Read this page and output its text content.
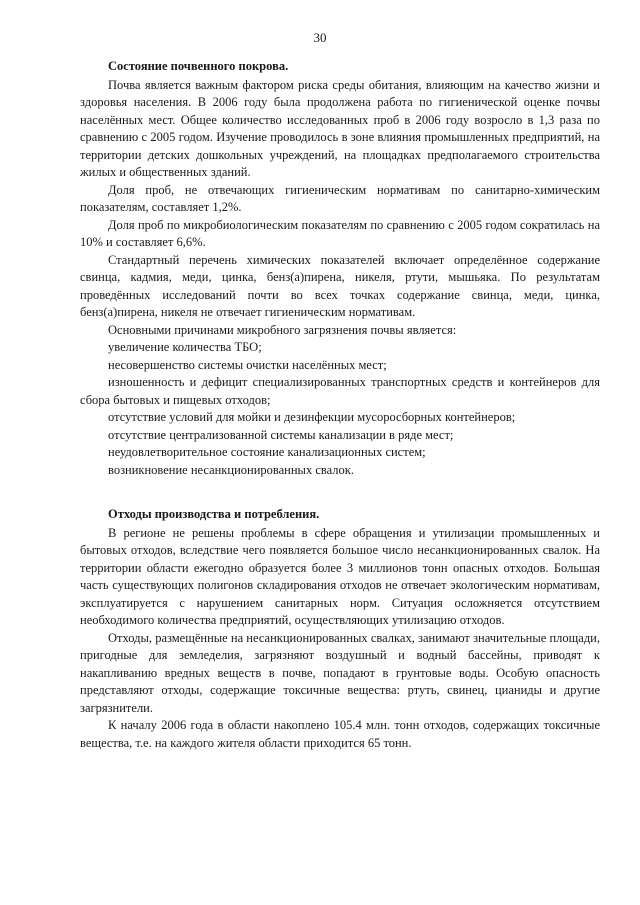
30
Состояние почвенного покрова.

Почва является важным фактором риска среды обитания, влияющим на качество жизни и здоровья населения. В 2006 году была продолжена работа по гигиенической оценке почвы населённых мест. Общее количество исследованных проб в 2006 году возросло в 1,3 раза по сравнению с 2005 годом. Изучение проводилось в зоне влияния промышленных предприятий, на территории детских дошкольных учреждений, на площадках предполагаемого строительства жилых и общественных зданий.

Доля проб, не отвечающих гигиеническим нормативам по санитарно-химическим показателям, составляет 1,2%.

Доля проб по микробиологическим показателям по сравнению с 2005 годом сократилась на 10% и составляет 6,6%.

Стандартный перечень химических показателей включает определённое содержание свинца, кадмия, меди, цинка, бенз(а)пирена, никеля, ртути, мышьяка. По результатам проведённых исследований почти во всех точках содержание свинца, меди, цинка, бенз(а)пирена, никеля не отвечает гигиеническим нормативам.

Основными причинами микробного загрязнения почвы является:

увеличение количества ТБО;

несовершенство системы очистки населённых мест;

изношенность и дефицит специализированных транспортных средств и контейнеров для сбора бытовых и пищевых отходов;

отсутствие условий для мойки и дезинфекции мусоросборных контейнеров;

отсутствие централизованной системы канализации в ряде мест;

неудовлетворительное состояние канализационных систем;

возникновение несанкционированных свалок.

Отходы производства и потребления.

В регионе не решены проблемы в сфере обращения и утилизации промышленных и бытовых отходов, вследствие чего появляется большое число несанкционированных свалок. На территории области ежегодно образуется более 3 миллионов тонн опасных отходов. Большая часть существующих полигонов складирования отходов не отвечает экологическим нормативам, эксплуатируется с нарушением санитарных норм. Ситуация осложняется отсутствием необходимого количества предприятий, осуществляющих утилизацию отходов.

Отходы, размещённые на несанкционированных свалках, занимают значительные площади, пригодные для земледелия, загрязняют воздушный и водный бассейны, приводят к накапливанию вредных веществ в почве, попадают в грунтовые воды. Особую опасность представляют отходы, содержащие токсичные вещества: ртуть, свинец, цианиды и другие загрязнители.

К началу 2006 года в области накоплено 105.4 млн. тонн отходов, содержащих токсичные вещества, т.е. на каждого жителя области приходится 65 тонн.
